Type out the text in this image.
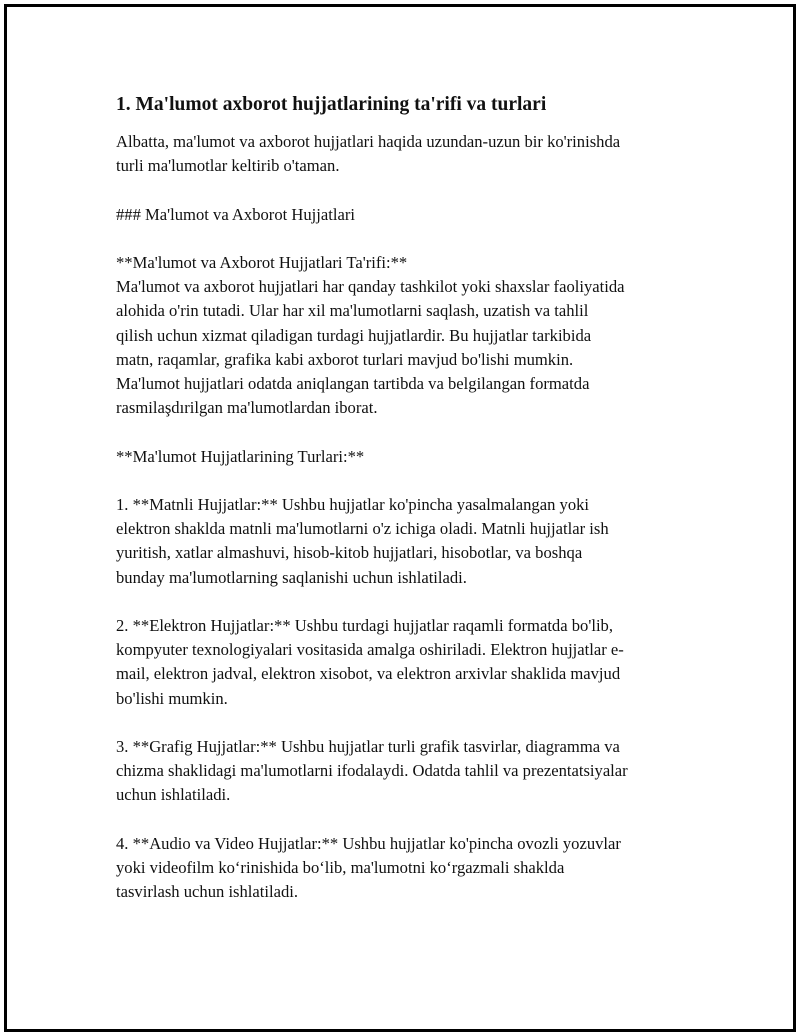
1. Ma'lumot axborot hujjatlarining ta'rifi va turlari
Albatta, ma'lumot va axborot hujjatlari haqida uzundan-uzun bir ko'rinishda
turli ma'lumotlar keltirib o'taman.
### Ma'lumot va Axborot Hujjatlari
**Ma'lumot va Axborot Hujjatlari Ta'rifi:**
Ma'lumot va axborot hujjatlari har qanday tashkilot yoki shaxslar faoliyatida
alohida o'rin tutadi. Ular har xil ma'lumotlarni saqlash, uzatish va tahlil
qilish uchun xizmat qiladigan turdagi hujjatlardir. Bu hujjatlar tarkibida
matn, raqamlar, grafika kabi axborot turlari mavjud bo'lishi mumkin.
Ma'lumot hujjatlari odatda aniqlangan tartibda va belgilangan formatda
rasmilaşdırilgan ma'lumotlardan iborat.
**Ma'lumot Hujjatlarining Turlari:**
1. **Matnli Hujjatlar:** Ushbu hujjatlar ko'pincha yasalmalangan yoki
elektron shaklda matnli ma'lumotlarni o'z ichiga oladi. Matnli hujjatlar ish
yuritish, xatlar almashuvi, hisob-kitob hujjatlari, hisobotlar, va boshqa
bunday ma'lumotlarning saqlanishi uchun ishlatiladi.
2. **Elektron Hujjatlar:** Ushbu turdagi hujjatlar raqamli formatda bo'lib,
kompyuter texnologiyalari vositasida amalga oshiriladi. Elektron hujjatlar e-
mail, elektron jadval, elektron xisobot, va elektron arxivlar shaklida mavjud
bo'lishi mumkin.
3. **Grafig Hujjatlar:** Ushbu hujjatlar turli grafik tasvirlar, diagramma va
chizma shaklidagi ma'lumotlarni ifodalaydi. Odatda tahlil va prezentatsiyalar
uchun ishlatiladi.
4. **Audio va Video Hujjatlar:** Ushbu hujjatlar ko'pincha ovozli yozuvlar
yoki videofilm ko‘rinishida bo‘lib, ma'lumotni ko‘rgazmali shaklda
tasvirlash uchun ishlatiladi.
